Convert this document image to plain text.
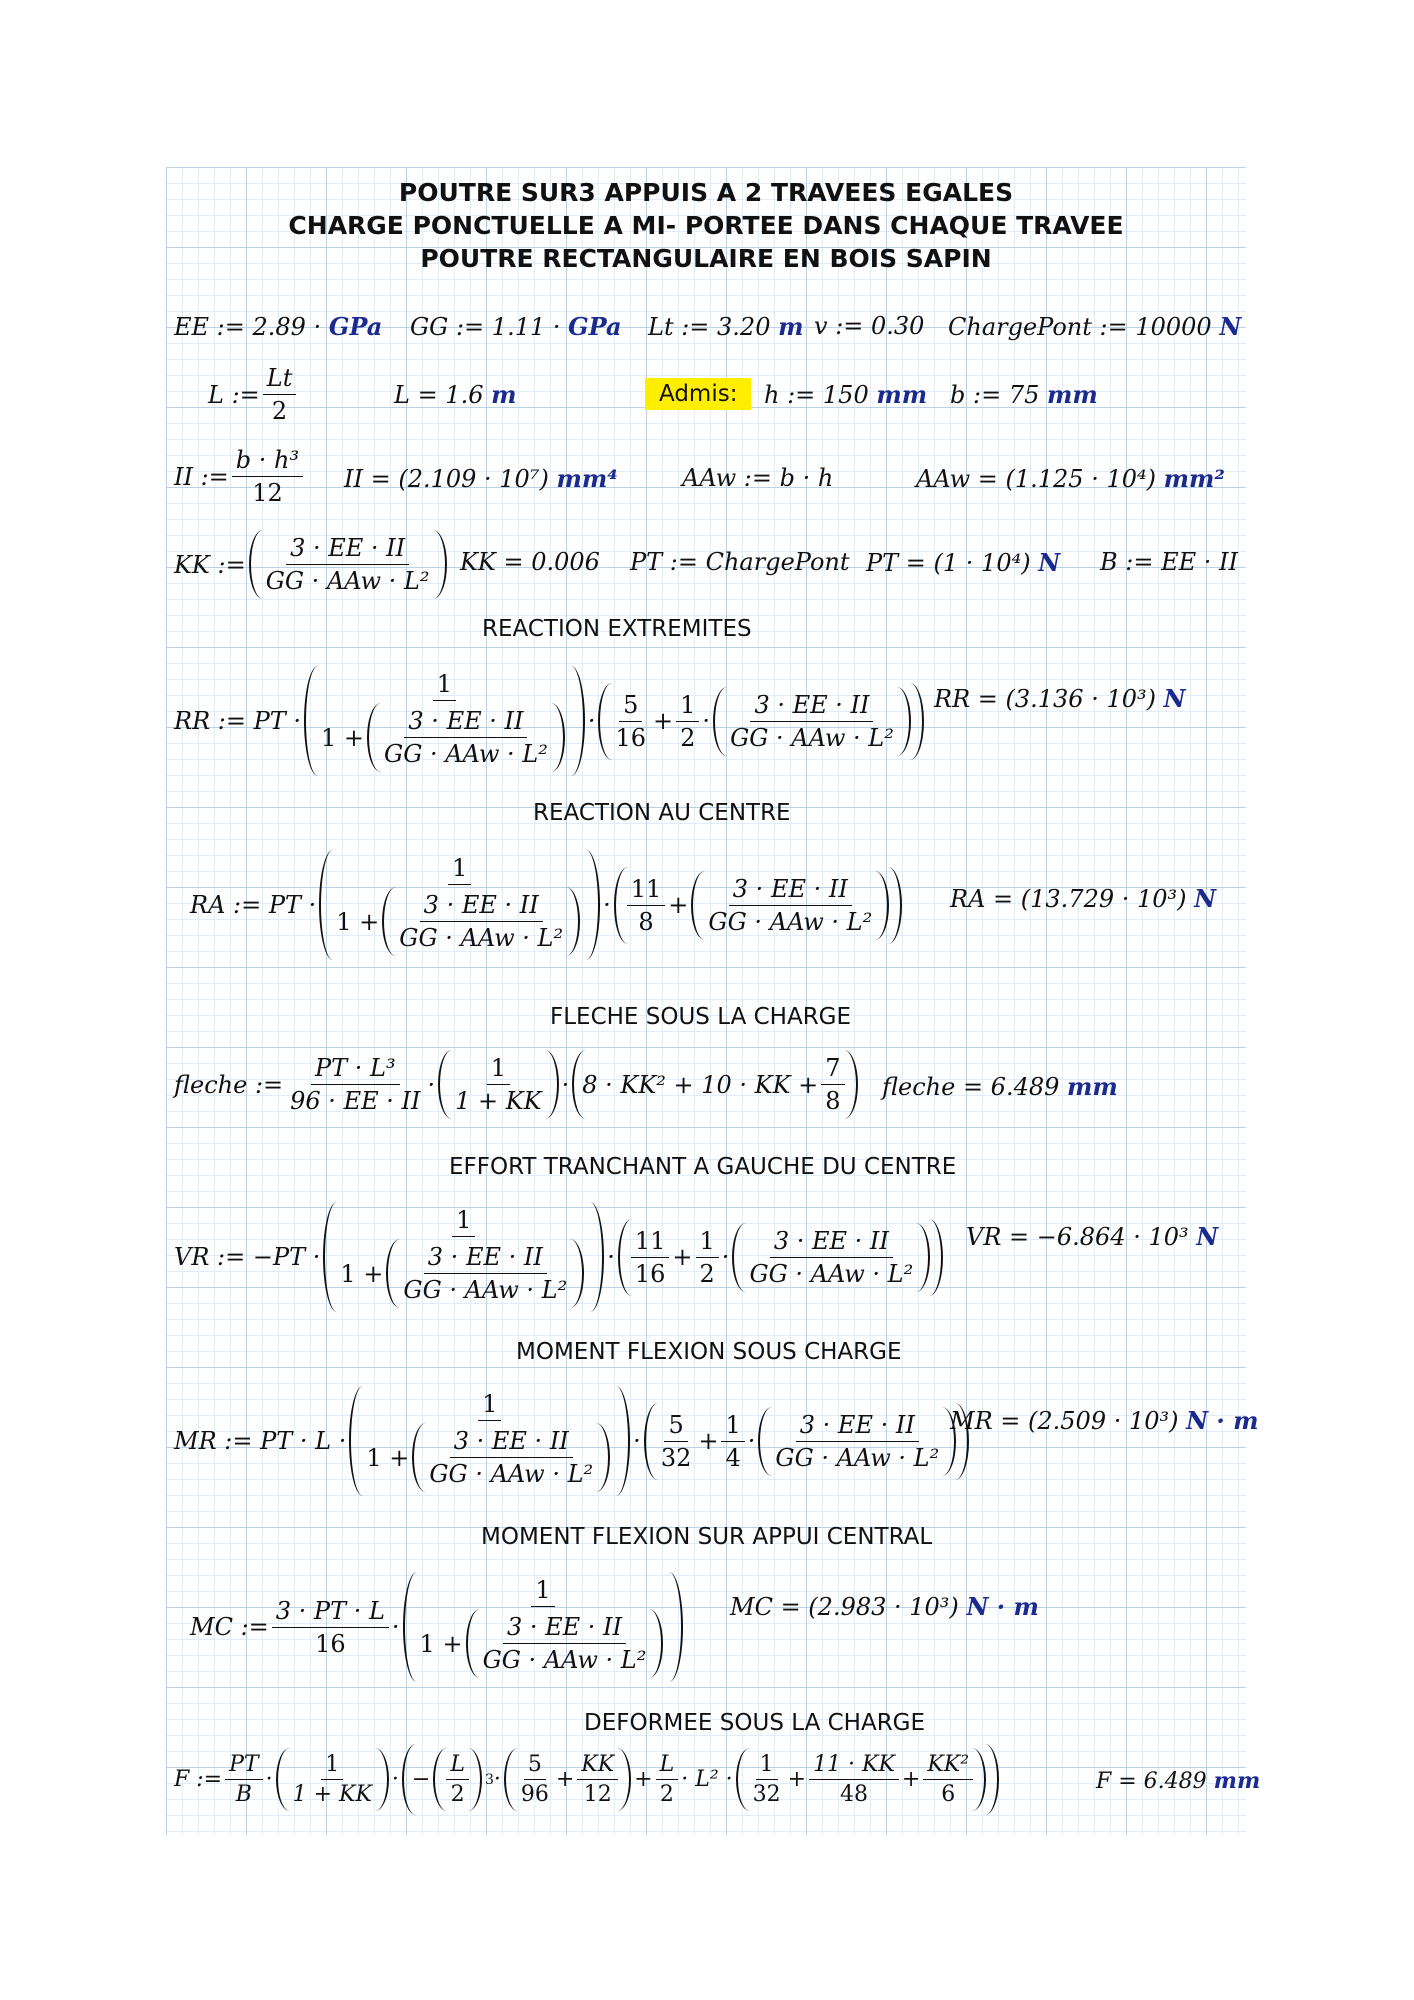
POUTRE SUR3 APPUIS A 2 TRAVEES EGALES
CHARGE PONCTUELLE A MI- PORTEE DANS CHAQUE TRAVEE
POUTRE RECTANGULAIRE EN BOIS SAPIN
EE := 2.89 · GPa GG := 1.11 · GPa Lt := 3.20
m v := 0.30 ChargePont := 10000
N
L := $\frac{Lt}{2}$	L = 1.6
m	Admis:	h := 150
mm b := 75
mm
II := $\frac{\text{b · h³}}{12}$ II = (2.109 · 10⁷)
mm⁴	AAw := b · h	AAw = (1.125 · 10⁴)
mm²
KK := $\frac{3 \cdot EE \cdot II}{\text{GG · AAw · L²}}$ KK = 0.006 PT := ChargePont PT = (1 · 10⁴)
N B := EE · II
REACTION EXTREMITES
RR := PT · $\frac{1}{1 + \frac{3 \cdot EE \cdot II}{\text{GG · AAw · L²}}} \cdot \frac{5}{16} + \frac{1}{2} \cdot \frac{3 \cdot EE \cdot II}{\text{GG · AAw · L²}}$ RR = (3.136 · 10³)
N
REACTION AU CENTRE
RA := PT · $\frac{1}{1 + \frac{3 \cdot EE \cdot II}{\text{GG · AAw · L²}}} \cdot \frac{11}{8} + \frac{3 \cdot EE \cdot II}{\text{GG · AAw · L²}}$	RA = (13.729 · 10³)
N
FLECHE SOUS LA CHARGE
fleche := $\frac{\text{PT · L³}}{96 \cdot EE \cdot II} \cdot \frac{1}{1 + KK} \cdot 8 \cdot KK^2 + 10$ · KK + $\frac{7}{8}$ fleche = 6.489
mm
EFFORT TRANCHANT A GAUCHE DU CENTRE
VR := $-PT \cdot \frac{1}{1 + \frac{3 \cdot EE \cdot II}{\text{GG · AAw · L²}}} \cdot \frac{11}{16} + \frac{1}{2} \cdot \frac{3 \cdot EE \cdot II}{\text{GG · AAw · L²}}$ VR = −6.864 · 10³
N
MOMENT FLEXION SOUS CHARGE
MR := PT · $L \cdot \frac{1}{1 + \frac{3 \cdot EE \cdot II}{\text{GG · AAw · L²}}} \cdot \frac{5}{32} + \frac{1}{4} \cdot \frac{3 \cdot EE \cdot II}{\text{GG · AAw · L²}}$ MR = (2.509 · 10³)
N · m
MOMENT FLEXION SUR APPUI CENTRAL
MC := $\frac{3 \cdot PT \cdot L}{16} \cdot \frac{1}{1 + \frac{3 \cdot EE \cdot II}{\text{GG · AAw · L²}}}$ MC = (2.983 · 10³)
N · m
DEFORMEE SOUS LA CHARGE
F := $\frac{PT}{B} \cdot \frac{1}{1 + KK}$ · − $\frac{L}{2} 3 \cdot \frac{5}{96} + \frac{KK}{12} + \frac{L}{2} \cdot L^2 \cdot \frac{1}{32} + \frac{11 \cdot KK}{48} + \frac{\text{KK²}}{6}$	F = 6.489
mm
